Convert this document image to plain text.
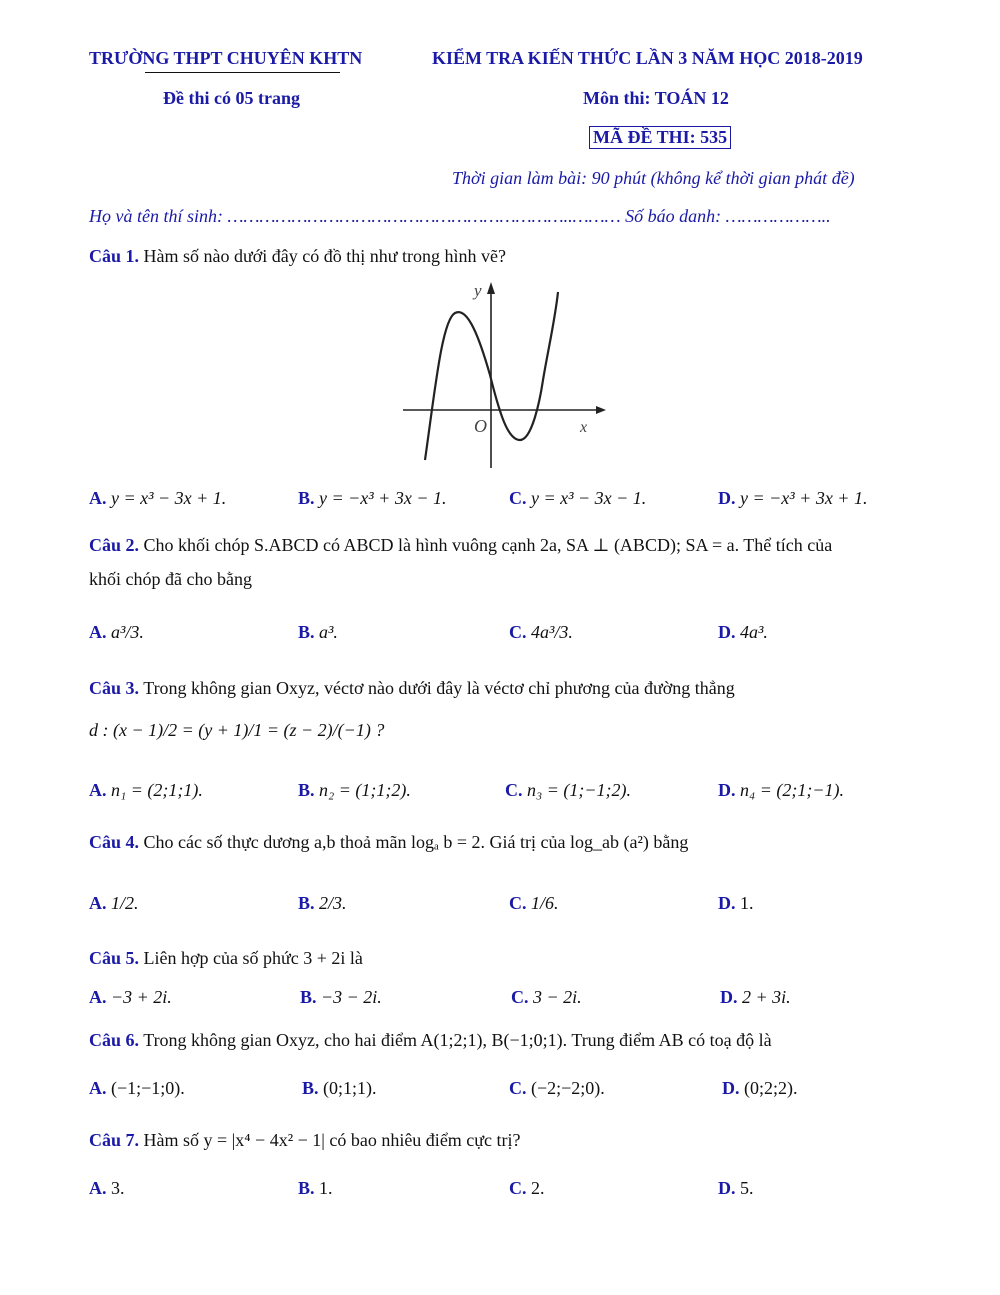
TRƯỜNG THPT CHUYÊN KHTN	KIỂM TRA KIẾN THỨC LẦN 3 NĂM HỌC 2018-2019
Đề thi có 05 trang	Môn thi: TOÁN 12
MÃ ĐỀ THI: 535
Thời gian làm bài: 90 phút (không kể thời gian phát đề)
Họ và tên thí sinh: ………………………………………………………..……… Số báo danh: ………………..
Câu 1. Hàm số nào dưới đây có đồ thị như trong hình vẽ?
y
x
O
A. y = x³ − 3x + 1.	B. y = −x³ + 3x − 1.	C. y = x³ − 3x − 1.	D. y = −x³ + 3x + 1.
Câu 2. Cho khối chóp S.ABCD có ABCD là hình vuông cạnh 2a, SA ⊥ (ABCD); SA = a. Thể tích của
khối chóp đã cho bằng
A. a³/3.	B. a³.	C. 4a³/3.	D. 4a³.
Câu 3. Trong không gian Oxyz, véctơ nào dưới đây là véctơ chỉ phương của đường thẳng
d : (x − 1)/2 = (y + 1)/1 = (z − 2)/(−1) ?
A. n₁ = (2;1;1).	B. n₂ = (1;1;2).	C. n₃ = (1;−1;2).	D. n₄ = (2;1;−1).
Câu 4. Cho các số thực dương a,b thoả mãn logₐ b = 2. Giá trị của log_ab (a²) bằng
A. 1/2.	B. 2/3.	C. 1/6.	D. 1.
Câu 5. Liên hợp của số phức 3 + 2i là
A. −3 + 2i.	B. −3 − 2i.	C. 3 − 2i.	D. 2 + 3i.
Câu 6. Trong không gian Oxyz, cho hai điểm A(1;2;1), B(−1;0;1). Trung điểm AB có toạ độ là
A. (−1;−1;0).	B. (0;1;1).	C. (−2;−2;0).	D. (0;2;2).
Câu 7. Hàm số y = |x⁴ − 4x² − 1| có bao nhiêu điểm cực trị?
A. 3.	B. 1.	C. 2.	D. 5.
